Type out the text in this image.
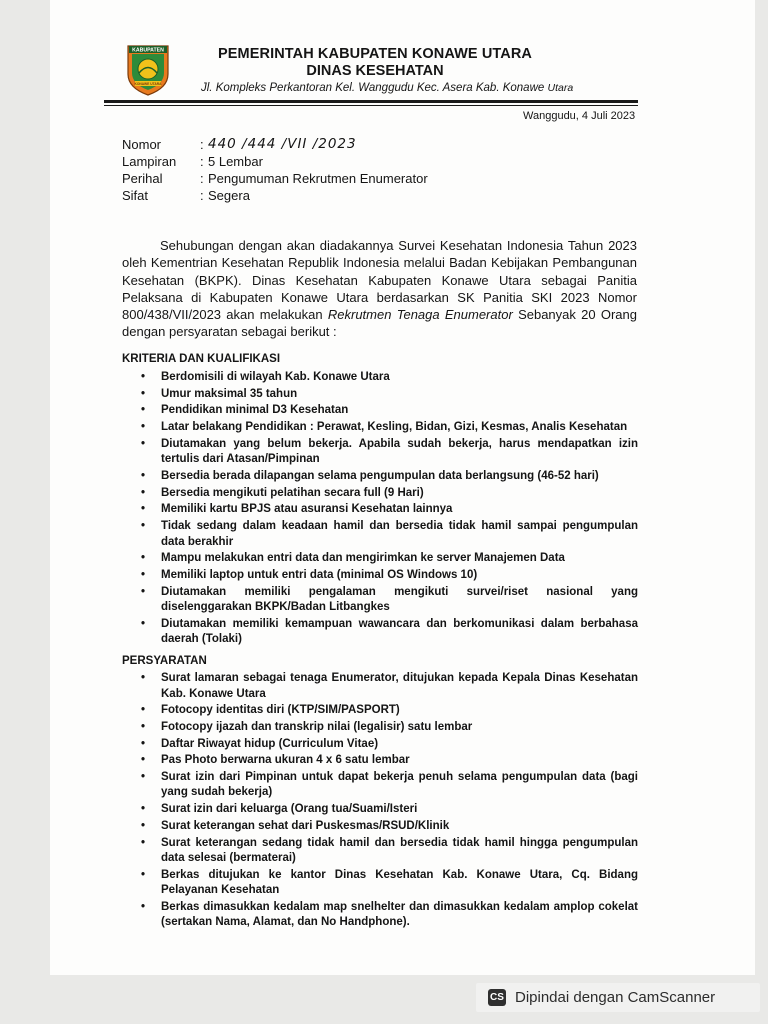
KABUPATEN
KONAWE UTARA
PEMERINTAH KABUPATEN KONAWE UTARA
DINAS KESEHATAN
Jl. Kompleks Perkantoran Kel. Wanggudu Kec. Asera Kab. Konawe Utara
Wanggudu, 4 Juli 2023
Nomor	: 440 /444 /VII /2023
Lampiran	: 5 Lembar
Perihal	: Pengumuman Rekrutmen Enumerator
Sifat	: Segera
Sehubungan dengan akan diadakannya Survei Kesehatan Indonesia Tahun 2023 oleh Kementrian Kesehatan Republik Indonesia melalui Badan Kebijakan Pembangunan Kesehatan (BKPK). Dinas Kesehatan Kabupaten Konawe Utara sebagai Panitia Pelaksana di Kabupaten Konawe Utara berdasarkan SK Panitia SKI 2023 Nomor 800/438/VII/2023 akan melakukan Rekrutmen Tenaga Enumerator Sebanyak 20 Orang dengan persyaratan sebagai berikut :
KRITERIA DAN KUALIFIKASI
• Berdomisili di wilayah Kab. Konawe Utara
• Umur maksimal 35 tahun
• Pendidikan minimal D3 Kesehatan
• Latar belakang Pendidikan : Perawat, Kesling, Bidan, Gizi, Kesmas, Analis Kesehatan
• Diutamakan yang belum bekerja. Apabila sudah bekerja, harus mendapatkan izin tertulis dari Atasan/Pimpinan
• Bersedia berada dilapangan selama pengumpulan data berlangsung (46-52 hari)
• Bersedia mengikuti pelatihan secara full (9 Hari)
• Memiliki kartu BPJS atau asuransi Kesehatan lainnya
• Tidak sedang dalam keadaan hamil dan bersedia tidak hamil sampai pengumpulan data berakhir
• Mampu melakukan entri data dan mengirimkan ke server Manajemen Data
• Memiliki laptop untuk entri data (minimal OS Windows 10)
• Diutamakan memiliki pengalaman mengikuti survei/riset nasional yang diselenggarakan BKPK/Badan Litbangkes
• Diutamakan memiliki kemampuan wawancara dan berkomunikasi dalam berbahasa daerah (Tolaki)
PERSYARATAN
• Surat lamaran sebagai tenaga Enumerator, ditujukan kepada Kepala Dinas Kesehatan Kab. Konawe Utara
• Fotocopy identitas diri (KTP/SIM/PASPORT)
• Fotocopy ijazah dan transkrip nilai (legalisir) satu lembar
• Daftar Riwayat hidup (Curriculum Vitae)
• Pas Photo berwarna ukuran 4 x 6 satu lembar
• Surat izin dari Pimpinan untuk dapat bekerja penuh selama pengumpulan data (bagi yang sudah bekerja)
• Surat izin dari keluarga (Orang tua/Suami/Isteri
• Surat keterangan sehat dari Puskesmas/RSUD/Klinik
• Surat keterangan sedang tidak hamil dan bersedia tidak hamil hingga pengumpulan data selesai (bermaterai)
• Berkas ditujukan ke kantor Dinas Kesehatan Kab. Konawe Utara, Cq. Bidang Pelayanan Kesehatan
• Berkas dimasukkan kedalam map snelhelter dan dimasukkan kedalam amplop cokelat (sertakan Nama, Alamat, dan No Handphone).
CS Dipindai dengan CamScanner
